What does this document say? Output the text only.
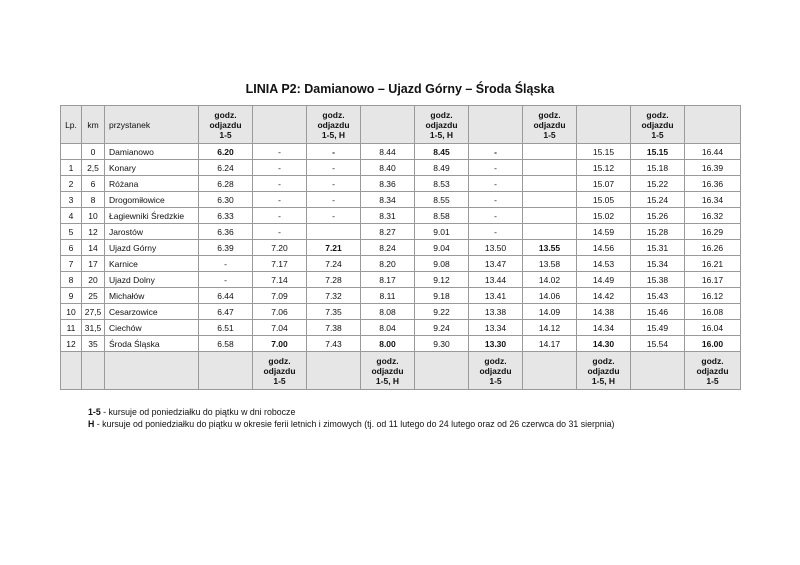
LINIA P2: Damianowo – Ujazd Górny – Środa Śląska
Lp.	km	przystanek	godz.
odjazdu
1-5		godz.
odjazdu
1-5, H		godz.
odjazdu
1-5, H		godz.
odjazdu
1-5		godz.
odjazdu
1-5	
	0	Damianowo	6.20	-	-	8.44	8.45	-		15.15	15.15	16.44
1	2,5	Konary	6.24	-	-	8.40	8.49	-		15.12	15.18	16.39
2	6	Różana	6.28	-	-	8.36	8.53	-		15.07	15.22	16.36
3	8	Drogomiłowice	6.30	-	-	8.34	8.55	-		15.05	15.24	16.34
4	10	Łagiewniki Średzkie	6.33	-	-	8.31	8.58	-		15.02	15.26	16.32
5	12	Jarostów	6.36	-		8.27	9.01	-		14.59	15.28	16.29
6	14	Ujazd Górny	6.39	7.20	7.21	8.24	9.04	13.50	13.55	14.56	15.31	16.26
7	17	Karnice	-	7.17	7.24	8.20	9.08	13.47	13.58	14.53	15.34	16.21
8	20	Ujazd Dolny	-	7.14	7.28	8.17	9.12	13.44	14.02	14.49	15.38	16.17
9	25	Michałów	6.44	7.09	7.32	8.11	9.18	13.41	14.06	14.42	15.43	16.12
10	27,5	Cesarzowice	6.47	7.06	7.35	8.08	9.22	13.38	14.09	14.38	15.46	16.08
11	31,5	Ciechów	6.51	7.04	7.38	8.04	9.24	13.34	14.12	14.34	15.49	16.04
12	35	Środa Śląska	6.58	7.00	7.43	8.00	9.30	13.30	14.17	14.30	15.54	16.00
				godz.
odjazdu
1-5		godz.
odjazdu
1-5, H		godz.
odjazdu
1-5		godz.
odjazdu
1-5, H		godz.
odjazdu
1-5
1-5 - kursuje od poniedziałku do piątku w dni robocze
H - kursuje od poniedziałku do piątku w okresie ferii letnich i zimowych (tj. od 11 lutego do 24 lutego oraz od 26 czerwca do 31 sierpnia)
